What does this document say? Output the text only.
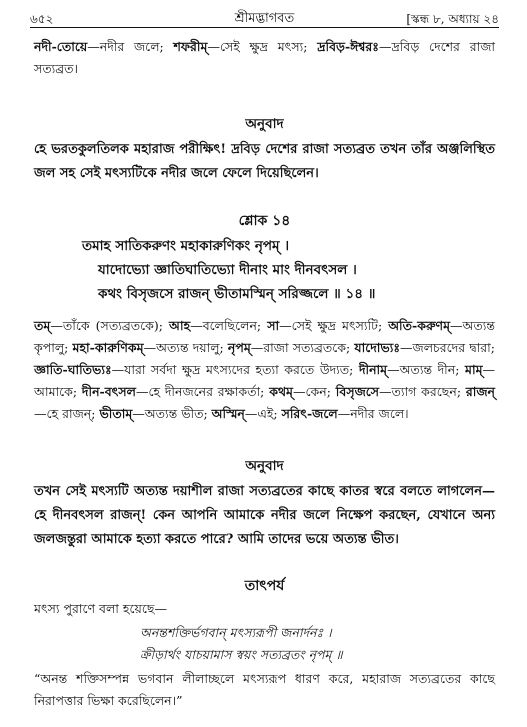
৬৫২	শ্রীমদ্ভাগবত	[স্কন্ধ ৮, অধ্যায় ২৪
নদী-তোয়ে—নদীর জলে; শফরীম্—সেই ক্ষুদ্র মৎস্য; দ্রবিড়-ঈশ্বরঃ—দ্রবিড় দেশের রাজা সত্যব্রত।
অনুবাদ
হে ভরতকুলতিলক মহারাজ পরীক্ষিৎ! দ্রবিড় দেশের রাজা সত্যব্রত তখন তাঁর অঞ্জলিস্থিত জল সহ সেই মৎস্যটিকে নদীর জলে ফেলে দিয়েছিলেন।
শ্লোক ১৪
তমাহ সাতিকরুণং মহাকারুণিকং নৃপম্ ।
যাদোভ্যো জ্ঞাতিঘাতিভ্যো দীনাং মাং দীনবৎসল ।
কথং বিসৃজসে রাজন্ ভীতামস্মিন্ সরিজ্জলে ॥ ১৪ ॥
তম্—তাঁকে (সত্যব্রতকে); আহ—বলেছিলেন; সা—সেই ক্ষুদ্র মৎস্যটি; অতি-করুণম্—অত্যন্ত কৃপালু; মহা-কারুণিকম্—অত্যন্ত দয়ালু; নৃপম্—রাজা সত্যব্রতকে; যাদোভ্যঃ—জলচরদের দ্বারা; জ্ঞাতি-ঘাতিভ্যঃ—যারা সর্বদা ক্ষুদ্র মৎস্যদের হত্যা করতে উদ্যত; দীনাম্—অত্যন্ত দীন; মাম্—আমাকে; দীন-বৎসল—হে দীনজনের রক্ষাকর্তা; কথম্—কেন; বিসৃজসে—ত্যাগ করছেন; রাজন্—হে রাজন্; ভীতাম্—অত্যন্ত ভীত; অস্মিন্—এই; সরিৎ-জলে—নদীর জলে।
অনুবাদ
তখন সেই মৎস্যটি অত্যন্ত দয়াশীল রাজা সত্যব্রতের কাছে কাতর স্বরে বলতে লাগলেন—হে দীনবৎসল রাজন্! কেন আপনি আমাকে নদীর জলে নিক্ষেপ করছেন, যেখানে অন্য জলজন্তুরা আমাকে হত্যা করতে পারে? আমি তাদের ভয়ে অত্যন্ত ভীত।
তাৎপর্য
মৎস্য পুরাণে বলা হয়েছে—
অনন্তশক্তির্ভগবান্ মৎস্যরূপী জনার্দনঃ ।
ক্রীড়ার্থং যাচয়ামাস স্বয়ং সত্যব্রতং নৃপম্ ॥
“অনন্ত শক্তিসম্পন্ন ভগবান লীলাচ্ছলে মৎস্যরূপ ধারণ করে, মহারাজ সত্যব্রতের কাছে নিরাপত্তার ভিক্ষা করেছিলেন।”
